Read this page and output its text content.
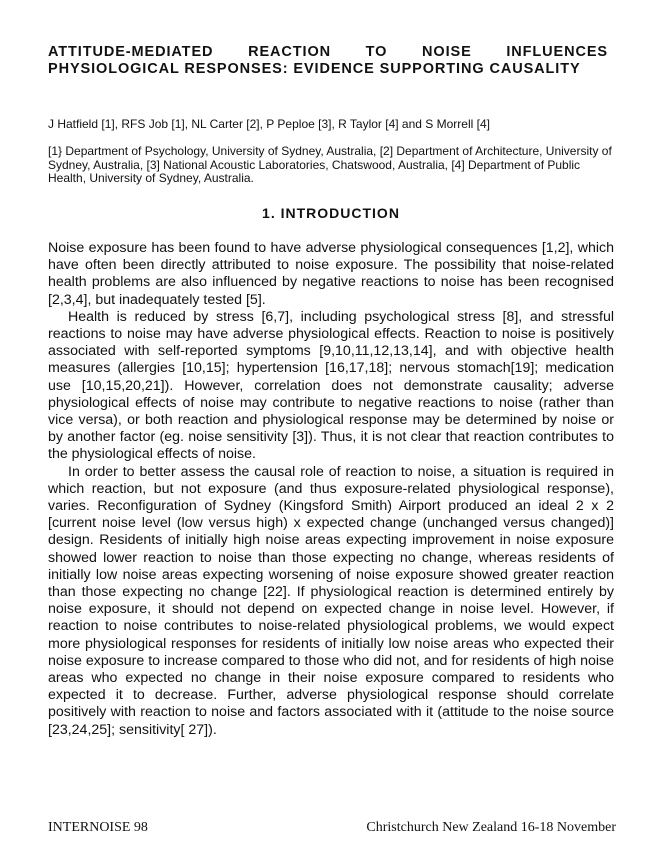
ATTITUDE-MEDIATED REACTION TO NOISE INFLUENCES PHYSIOLOGICAL RESPONSES: EVIDENCE SUPPORTING CAUSALITY

J Hatfield [1], RFS Job [1], NL Carter [2], P Peploe [3], R Taylor [4] and S Morrell [4]

[1} Department of Psychology, University of Sydney, Australia, [2] Department of Architecture, University of Sydney, Australia, [3] National Acoustic Laboratories, Chatswood, Australia, [4] Department of Public Health, University of Sydney, Australia.

1. INTRODUCTION

Noise exposure has been found to have adverse physiological consequences [1,2], which have often been directly attributed to noise exposure. The possibility that noise-related health problems are also influenced by negative reactions to noise has been recognised [2,3,4], but inadequately tested [5].

Health is reduced by stress [6,7], including psychological stress [8], and stressful reactions to noise may have adverse physiological effects. Reaction to noise is positively associated with self-reported symptoms [9,10,11,12,13,14], and with objective health measures (allergies [10,15]; hypertension [16,17,18]; nervous stomach[19]; medication use [10,15,20,21]). However, correlation does not demonstrate causality; adverse physiological effects of noise may contribute to negative reactions to noise (rather than vice versa), or both reaction and physiological response may be determined by noise or by another factor (eg. noise sensitivity [3]). Thus, it is not clear that reaction contributes to the physiological effects of noise.

In order to better assess the causal role of reaction to noise, a situation is required in which reaction, but not exposure (and thus exposure-related physiological response), varies. Reconfiguration of Sydney (Kingsford Smith) Airport produced an ideal 2 x 2 [current noise level (low versus high) x expected change (unchanged versus changed)] design. Residents of initially high noise areas expecting improvement in noise exposure showed lower reaction to noise than those expecting no change, whereas residents of initially low noise areas expecting worsening of noise exposure showed greater reaction than those expecting no change [22]. If physiological reaction is determined entirely by noise exposure, it should not depend on expected change in noise level. However, if reaction to noise contributes to noise-related physiological problems, we would expect more physiological responses for residents of initially low noise areas who expected their noise exposure to increase compared to those who did not, and for residents of high noise areas who expected no change in their noise exposure compared to residents who expected it to decrease. Further, adverse physiological response should correlate positively with reaction to noise and factors associated with it (attitude to the noise source [23,24,25]; sensitivity[ 27]).

INTERNOISE 98	Christchurch New Zealand 16-18 November
